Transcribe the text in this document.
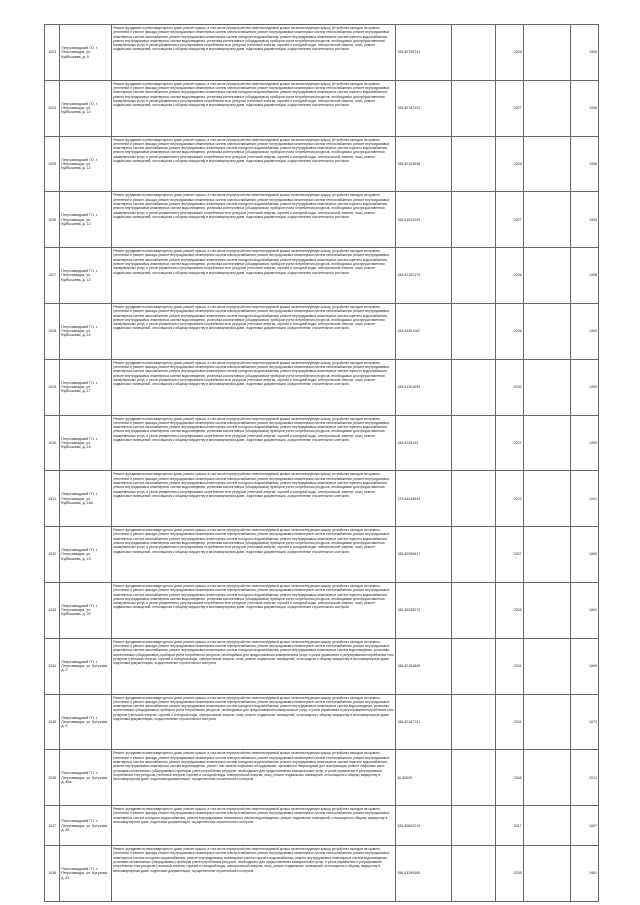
1023	Петрозаводский ГО, г. Петрозаводск, ул. Куйбышева, д. 9	Ремонт фундамента многоквартирного дома, ремонт крыши, в том числе переустройство невентилируемой крыши на вентилируемую крышу, устройство выходов на кровлю, утепление и ремонт фасада, ремонт внутридомовых инженерных систем электроснабжения, ремонт внутридомовых инженерных систем теплоснабжения, ремонт внутридомовых инженерных систем газоснабжения, ремонт внутридомовых инженерных систем холодного водоснабжения, ремонт внутридомовых инженерных систем горячего водоснабжения, ремонт внутридомовых инженерных систем водоотведения, установка коллективных (общедомовых) приборов учета потребления ресурсов, необходимых для предоставления коммунальных услуг, и узлов управления и регулирования потребления этих ресурсов (тепловой энергии, горячей и холодной воды, электрической энергии, газа), ремонт подвальных помещений, относящихся к общему имуществу в многоквартирном доме, подготовка документации, осуществление строительного контроля	155,50709741		2026		1965
1024	Петрозаводский ГО, г. Петрозаводск, ул. Куйбышева, д. 10	Ремонт фундамента многоквартирного дома, ремонт крыши, в том числе переустройство невентилируемой крыши на вентилируемую крышу, устройство выходов на кровлю, утепление и ремонт фасада, ремонт внутридомовых инженерных систем электроснабжения, ремонт внутридомовых инженерных систем теплоснабжения, ремонт внутридомовых инженерных систем газоснабжения, ремонт внутридомовых инженерных систем холодного водоснабжения, ремонт внутридомовых инженерных систем горячего водоснабжения, ремонт внутридомовых инженерных систем водоотведения, установка коллективных (общедомовых) приборов учета потребления ресурсов, необходимых для предоставления коммунальных услуг, и узлов управления и регулирования потребления этих ресурсов (тепловой энергии, горячей и холодной воды, электрической энергии, газа), ремонт подвальных помещений, относящихся к общему имуществу в многоквартирном доме, подготовка документации, осуществление строительного контроля	155,50782123		2027		1956
1025	Петрозаводский ГО, г. Петрозаводск, ул. Куйбышева, д. 12	Ремонт фундамента многоквартирного дома, ремонт крыши, в том числе переустройство невентилируемой крыши на вентилируемую крышу, устройство выходов на кровлю, утепление и ремонт фасада, ремонт внутридомовых инженерных систем электроснабжения, ремонт внутридомовых инженерных систем теплоснабжения, ремонт внутридомовых инженерных систем газоснабжения, ремонт внутридомовых инженерных систем холодного водоснабжения, ремонт внутридомовых инженерных систем горячего водоснабжения, ремонт внутридомовых инженерных систем водоотведения, установка коллективных (общедомовых) приборов учета потребления ресурсов, необходимых для предоставления коммунальных услуг, и узлов управления и регулирования потребления этих ресурсов (тепловой энергии, горячей и холодной воды, электрической энергии, газа), ремонт подвальных помещений, относящихся к общему имуществу в многоквартирном доме, подготовка документации, осуществление строительного контроля	156,52103538		2026		1958
1026	Петрозаводский ГО, г. Петрозаводск, ул. Куйбышева, д. 13	Ремонт фундамента многоквартирного дома, ремонт крыши, в том числе переустройство невентилируемой крыши на вентилируемую крышу, устройство выходов на кровлю, утепление и ремонт фасада, ремонт внутридомовых инженерных систем электроснабжения, ремонт внутридомовых инженерных систем теплоснабжения, ремонт внутридомовых инженерных систем газоснабжения, ремонт внутридомовых инженерных систем холодного водоснабжения, ремонт внутридомовых инженерных систем горячего водоснабжения, ремонт внутридомовых инженерных систем водоотведения, установка коллективных (общедомовых) приборов учета потребления ресурсов, необходимых для предоставления коммунальных услуг, и узлов управления и регулирования потребления этих ресурсов (тепловой энергии, горячей и холодной воды, электрической энергии, газа), ремонт подвальных помещений, относящихся к общему имуществу в многоквартирном доме, подготовка документации, осуществление строительного контроля	155,51931029		2027		1959
1027	Петрозаводский ГО, г. Петрозаводск, ул. Куйбышева, д. 14	Ремонт фундамента многоквартирного дома, ремонт крыши, в том числе переустройство невентилируемой крыши на вентилируемую крышу, устройство выходов на кровлю, утепление и ремонт фасада, ремонт внутридомовых инженерных систем электроснабжения, ремонт внутридомовых инженерных систем теплоснабжения, ремонт внутридомовых инженерных систем газоснабжения, ремонт внутридомовых инженерных систем холодного водоснабжения, ремонт внутридомовых инженерных систем горячего водоснабжения, ремонт внутридомовых инженерных систем водоотведения, установка коллективных (общедомовых) приборов учета потребления ресурсов, необходимых для предоставления коммунальных услуг, и узлов управления и регулирования потребления этих ресурсов (тепловой энергии, горячей и холодной воды, электрической энергии, газа), ремонт подвальных помещений, относящихся к общему имуществу в многоквартирном доме, подготовка документации, осуществление строительного контроля	155,52102179		2026		1958
1028	Петрозаводский ГО, г. Петрозаводск, ул. Куйбышева, д. 16	Ремонт фундамента многоквартирного дома, ремонт крыши, в том числе переустройство невентилируемой крыши на вентилируемую крышу, устройство выходов на кровлю, утепление и ремонт фасада, ремонт внутридомовых инженерных систем электроснабжения, ремонт внутридомовых инженерных систем теплоснабжения, ремонт внутридомовых инженерных систем газоснабжения, ремонт внутридомовых инженерных систем холодного водоснабжения, ремонт внутридомовых инженерных систем горячего водоснабжения, ремонт внутридомовых инженерных систем водоотведения, установка коллективных (общедомовых) приборов учета потребления ресурсов, необходимых для предоставления коммунальных услуг, и узлов управления и регулирования потребления этих ресурсов (тепловой энергии, горячей и холодной воды, электрической энергии, газа), ремонт подвальных помещений, относящихся к общему имуществу в многоквартирном доме, подготовка документации, осуществление строительного контроля	155,53301162		2026		1960
1029	Петрозаводский ГО, г. Петрозаводск, ул. Куйбышева, д. 17	Ремонт фундамента многоквартирного дома, ремонт крыши, в том числе переустройство невентилируемой крыши на вентилируемую крышу, устройство выходов на кровлю, утепление и ремонт фасада, ремонт внутридомовых инженерных систем электроснабжения, ремонт внутридомовых инженерных систем теплоснабжения, ремонт внутридомовых инженерных систем газоснабжения, ремонт внутридомовых инженерных систем холодного водоснабжения, ремонт внутридомовых инженерных систем горячего водоснабжения, ремонт внутридомовых инженерных систем водоотведения, установка коллективных (общедомовых) приборов учета потребления ресурсов, необходимых для предоставления коммунальных услуг, и узлов управления и регулирования потребления этих ресурсов (тепловой энергии, горячей и холодной воды, электрической энергии, газа), ремонт подвальных помещений, относящихся к общему имуществу в многоквартирном доме, подготовка документации, осуществление строительного контроля	155,51301693		2032		1959
1030	Петрозаводский ГО, г. Петрозаводск, ул. Куйбышева, д. 18	Ремонт фундамента многоквартирного дома, ремонт крыши, в том числе переустройство невентилируемой крыши на вентилируемую крышу, устройство выходов на кровлю, утепление и ремонт фасада, ремонт внутридомовых инженерных систем электроснабжения, ремонт внутридомовых инженерных систем теплоснабжения, ремонт внутридомовых инженерных систем газоснабжения, ремонт внутридомовых инженерных систем холодного водоснабжения, ремонт внутридомовых инженерных систем горячего водоснабжения, ремонт внутридомовых инженерных систем водоотведения, установка коллективных (общедомовых) приборов учета потребления ресурсов, необходимых для предоставления коммунальных услуг, и узлов управления и регулирования потребления этих ресурсов (тепловой энергии, горячей и холодной воды, электрической энергии, газа), ремонт подвальных помещений, относящихся к общему имуществу в многоквартирном доме, подготовка документации, осуществление строительного контроля	155,5235193		2027		1959
1031	Петрозаводский ГО, г. Петрозаводск, ул. Куйбышева, д. 18а	Ремонт фундамента многоквартирного дома, ремонт крыши, в том числе переустройство невентилируемой крыши на вентилируемую крышу, устройство выходов на кровлю, утепление и ремонт фасада, ремонт внутридомовых инженерных систем электроснабжения, ремонт внутридомовых инженерных систем теплоснабжения, ремонт внутридомовых инженерных систем газоснабжения, ремонт внутридомовых инженерных систем холодного водоснабжения, ремонт внутридомовых инженерных систем горячего водоснабжения, ремонт внутридомовых инженерных систем водоотведения, установка коллективных (общедомовых) приборов учета потребления ресурсов, необходимых для предоставления коммунальных услуг, и узлов управления и регулирования потребления этих ресурсов (тепловой энергии, горячей и холодной воды, электрической энергии, газа), ремонт подвальных помещений, относящихся к общему имуществу в многоквартирном доме, подготовка документации, осуществление строительного контроля	179,54419634		2022		1941
1032	Петрозаводский ГО, г. Петрозаводск, ул. Куйбышева, д. 19	Ремонт фундамента многоквартирного дома, ремонт крыши, в том числе переустройство невентилируемой крыши на вентилируемую крышу, устройство выходов на кровлю, утепление и ремонт фасада, ремонт внутридомовых инженерных систем электроснабжения, ремонт внутридомовых инженерных систем теплоснабжения, ремонт внутридомовых инженерных систем газоснабжения, ремонт внутридомовых инженерных систем холодного водоснабжения, ремонт внутридомовых инженерных систем горячего водоснабжения, ремонт внутридомовых инженерных систем водоотведения, установка коллективных (общедомовых) приборов учета потребления ресурсов, необходимых для предоставления коммунальных услуг, и узлов управления и регулирования потребления этих ресурсов (тепловой энергии, горячей и холодной воды, электрической энергии, газа), ремонт подвальных помещений, относящихся к общему имуществу в многоквартирном доме, подготовка документации, осуществление строительного контроля	155,52956617		2027		1960
1033	Петрозаводский ГО, г. Петрозаводск, ул. Куйбышева, д. 20	Ремонт фундамента многоквартирного дома, ремонт крыши, в том числе переустройство невентилируемой крыши на вентилируемую крышу, устройство выходов на кровлю, утепление и ремонт фасада, ремонт внутридомовых инженерных систем электроснабжения, ремонт внутридомовых инженерных систем теплоснабжения, ремонт внутридомовых инженерных систем газоснабжения, ремонт внутридомовых инженерных систем холодного водоснабжения, ремонт внутридомовых инженерных систем горячего водоснабжения, ремонт внутридомовых инженерных систем водоотведения, установка коллективных (общедомовых) приборов учета потребления ресурсов, необходимых для предоставления коммунальных услуг, и узлов управления и регулирования потребления этих ресурсов (тепловой энергии, горячей и холодной воды, электрической энергии, газа), ремонт подвальных помещений, относящихся к общему имуществу в многоквартирном доме, подготовка документации, осуществление строительного контроля	155,55299272		2026		1962
1034	Петрозаводский ГО, г. Петрозаводск, ул. Кутузова, д. 2	Ремонт фундамента многоквартирного дома, ремонт крыши, в том числе переустройство невентилируемой крыши на вентилируемую крышу, устройство выходов на кровлю, утепление и ремонт фасада, ремонт внутридомовых инженерных систем электроснабжения, ремонт внутридомовых инженерных систем теплоснабжения, ремонт внутридомовых инженерных систем газоснабжения, ремонт внутридомовых инженерных систем холодного водоснабжения, ремонт внутридомовых инженерных систем водоотведения, установка коллективных (общедомовых) приборов учета потребления ресурсов, необходимых для предоставления коммунальных услуг, и узлов управления и регулирования потребления этих ресурсов (тепловой энергии, горячей и холодной воды, электрической энергии, газа), ремонт подвальных помещений, относящихся к общему имуществу в многоквартирном доме, подготовка документации, осуществление строительного контроля	156,52181826		2031		1969
1035	Петрозаводский ГО, г. Петрозаводск, ул. Кутузова, д. 9	Ремонт фундамента многоквартирного дома, ремонт крыши, в том числе переустройство невентилируемой крыши на вентилируемую крышу, устройство выходов на кровлю, утепление и ремонт фасада, ремонт внутридомовых инженерных систем электроснабжения, ремонт внутридомовых инженерных систем теплоснабжения, ремонт внутридомовых инженерных систем газоснабжения, ремонт внутридомовых инженерных систем холодного водоснабжения, ремонт внутридомовых инженерных систем водоотведения, установка коллективных (общедомовых) приборов учета потребления ресурсов, необходимых для предоставления коммунальных услуг, и узлов управления и регулирования потребления этих ресурсов (тепловой энергии, горячей и холодной воды, электрической энергии, газа), ремонт подвальных помещений, относящихся к общему имуществу в многоквартирном доме, подготовка документации, осуществление строительного контроля	156,52187731		2031		1973
1036	Петрозаводский ГО, г. Петрозаводск, ул. Кутузова, д. 46а	Ремонт фундамента многоквартирного дома, ремонт крыши, в том числе переустройство невентилируемой крыши на вентилируемую крышу, устройство выходов на кровлю, утепление и ремонт фасада, ремонт внутридомовых инженерных систем электроснабжения, ремонт внутридомовых инженерных систем теплоснабжения, ремонт внутридомовых инженерных систем газоснабжения, ремонт внутридомовых инженерных систем холодного водоснабжения, ремонт внутридомовых инженерных систем горячего водоснабжения, ремонт внутридомовых инженерных систем водоотведения, ремонт или замена лифтового оборудования, признанного непригодным для эксплуатации, ремонт лифтовых шахт, установка коллективных (общедомовых) приборов учета потребления ресурсов, необходимых для предоставления коммунальных услуг, и узлов управления и регулирования потребления этих ресурсов (тепловой энергии, горячей и холодной воды, электрической энергии, газа), ремонт подвальных помещений, относящихся к общему имуществу в многоквартирном доме, подготовка документации, осуществление строительного контроля	20,50025		2046		2013
1037	Петрозаводский ГО, г. Петрозаводск, ул. Кутузова, д. 48	Ремонт фундамента многоквартирного дома, ремонт крыши, в том числе переустройство невентилируемой крыши на вентилируемую крышу, устройство выходов на кровлю, утепление и ремонт фасада, ремонт внутридомовых инженерных систем электроснабжения, ремонт внутридомовых инженерных систем теплоснабжения, ремонт внутридомовых инженерных систем холодного водоснабжения, ремонт внутридомовых инженерных систем водоотведения, ремонт подвальных помещений, относящихся к общему имуществу в многоквартирном доме, подготовка документации, осуществление строительного контроля	226,50602219		2017		1957
1038	Петрозаводский ГО, г. Петрозаводск, ул. Кутузова, д. 49	Ремонт фундамента многоквартирного дома, ремонт крыши, в том числе переустройство невентилируемой крыши на вентилируемую крышу, устройство выходов на кровлю, утепление и ремонт фасада, ремонт внутридомовых инженерных систем электроснабжения, ремонт внутридомовых инженерных систем теплоснабжения, ремонт внутридомовых инженерных систем холодного водоснабжения, ремонт внутридомовых инженерных систем горячего водоснабжения, ремонт внутридомовых инженерных систем водоотведения, установка коллективных (общедомовых) приборов учета потребления ресурсов, необходимых для предоставления коммунальных услуг, и узлов управления и регулирования потребления этих ресурсов (тепловой энергии, горячей и холодной воды, электрической энергии, газа), ремонт подвальных помещений, относящихся к общему имуществу в многоквартирном доме, подготовка документации, осуществление строительного контроля	156,53299365		2026		1961
